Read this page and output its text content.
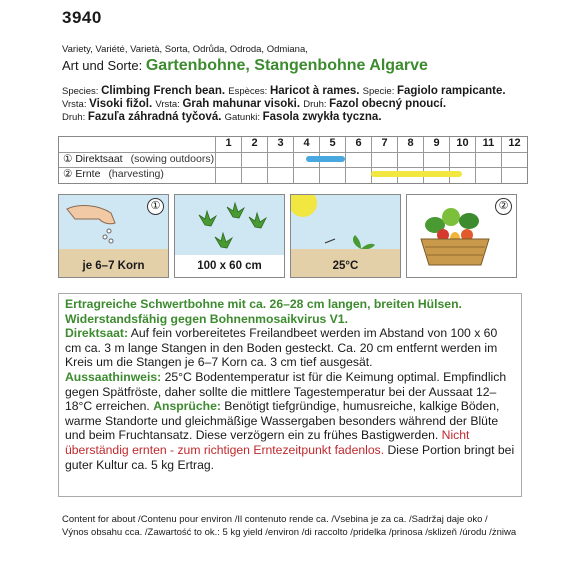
3940
Variety, Variété, Varietà, Sorta, Odrůda, Odroda, Odmiana,
Art und Sorte: Gartenbohne, Stangenbohne Algarve
Species: Climbing French bean. Espèces: Haricot à rames. Specie: Fagiolo rampicante.
Vrsta: Visoki fižol. Vrsta: Grah mahunar visoki. Druh: Fazol obecný pnoucí.
Druh: Fazuľa záhradná tyčová. Gatunki: Fasola zwykła tyczna.
1	2	3	4	5	6	7	8	9	10	11	12
① Direktsaat (sowing outdoors)
② Ernte (harvesting)
①
je 6–7 Korn	100 x 60 cm	25°C
②

Ertragreiche Schwertbohne mit ca. 26–28 cm langen, breiten Hülsen. Widerstandsfähig gegen Bohnenmosaikvirus V1.
Direktsaat: Auf fein vorbereitetes Freilandbeet werden im Abstand von 100 x 60 cm ca. 3 m lange Stangen in den Boden gesteckt. Ca. 20 cm entfernt werden im Kreis um die Stangen je 6–7 Korn ca. 3 cm tief ausgesät.
Aussaathinweis: 25°C Bodentemperatur ist für die Keimung optimal. Empfindlich gegen Spätfröste, daher sollte die mittlere Tagestemperatur bei der Aussaat 12–18°C erreichen. Ansprüche: Benötigt tiefgründige, humusreiche, kalkige Böden, warme Standorte und gleichmäßige Wassergaben besonders während der Blüte und beim Fruchtansatz. Diese verzögern ein zu frühes Bastigwerden. Nicht überständig ernten - zum richtigen Erntezeitpunkt fadenlos. Diese Portion bringt bei guter Kultur ca. 5 kg Ertrag.

Content for about /Contenu pour environ /Il contenuto rende ca. /Vsebina je za ca. /Sadržaj daje oko /
Výnos obsahu cca. /Zawartość to ok.: 5 kg yield /environ /di raccolto /pridelka /prinosa /sklizeň /úrodu /żniwa
